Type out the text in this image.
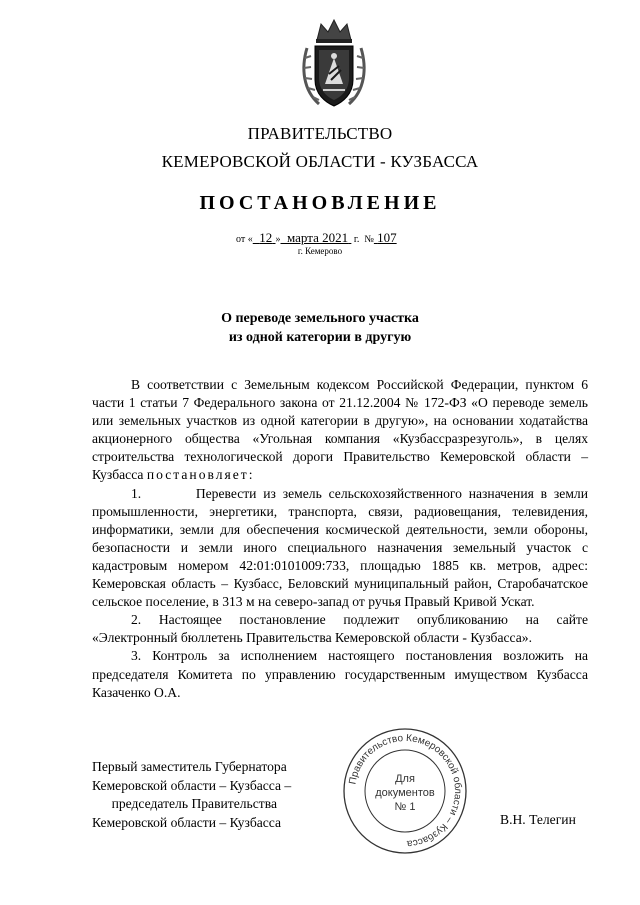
ПРАВИТЕЛЬСТВО
КЕМЕРОВСКОЙ ОБЛАСТИ - КУЗБАССА
ПОСТАНОВЛЕНИЕ
от « 12 » марта 2021 г. № 107
г. Кемерово
О переводе земельного участка
из одной категории в другую

В соответствии с Земельным кодексом Российской Федерации, пунктом 6 части 1 статьи 7 Федерального закона от 21.12.2004 № 172-ФЗ «О переводе земель или земельных участков из одной категории в другую», на основании ходатайства акционерного общества «Угольная компания «Кузбассразрезуголь», в целях строительства технологической дороги Правительство Кемеровской области – Кузбасса постановляет:

1.	Перевести из земель сельскохозяйственного назначения в земли промышленности, энергетики, транспорта, связи, радиовещания, телевидения, информатики, земли для обеспечения космической деятельности, земли обороны, безопасности и земли иного специального назначения земельный участок с кадастровым номером 42:01:0101009:733, площадью 1885 кв. метров, адрес: Кемеровская область – Кузбасс, Беловский муниципальный район, Старобачатское сельское поселение, в 313 м на северо-запад от ручья Правый Кривой Ускат.

2. Настоящее постановление подлежит опубликованию на сайте «Электронный бюллетень Правительства Кемеровской области - Кузбасса».

3. Контроль за исполнением настоящего постановления возложить на председателя Комитета по управлению государственным имуществом Кузбасса Казаченко О.А.

Первый заместитель Губернатора
Кемеровской области – Кузбасса –
председатель Правительства
Кемеровской области – Кузбасса	В.Н. Телегин
Правительство Кемеровской области – Кузбасса
Для
документов
№ 1
